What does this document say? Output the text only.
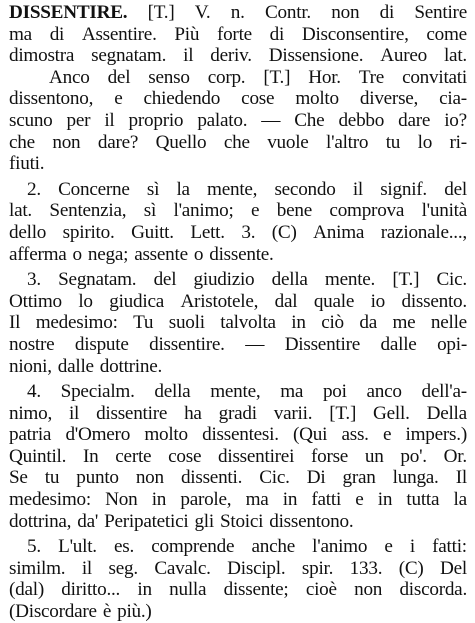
DISSENTIRE. [T.] V. n. Contr. non di Sentire
ma di Assentire. Più forte di Disconsentire, come
dimostra segnatam. il deriv. Dissensione. Aureo lat.
Anco del senso corp. [T.] Hor. Tre convitati
dissentono, e chiedendo cose molto diverse, cia-
scuno per il proprio palato. — Che debbo dare io?
che non dare? Quello che vuole l'altro tu lo ri-
fiuti.
2. Concerne sì la mente, secondo il signif. del
lat. Sentenzia, sì l'animo; e bene comprova l'unità
dello spirito. Guitt. Lett. 3. (C) Anima razionale...,
afferma o nega; assente o dissente.
3. Segnatam. del giudizio della mente. [T.] Cic.
Ottimo lo giudica Aristotele, dal quale io dissento.
Il medesimo: Tu suoli talvolta in ciò da me nelle
nostre dispute dissentire. — Dissentire dalle opi-
nioni, dalle dottrine.
4. Specialm. della mente, ma poi anco dell'a-
nimo, il dissentire ha gradi varii. [T.] Gell. Della
patria d'Omero molto dissentesi. (Qui ass. e impers.)
Quintil. In certe cose dissentirei forse un po'. Or.
Se tu punto non dissenti. Cic. Di gran lunga. Il
medesimo: Non in parole, ma in fatti e in tutta la
dottrina, da' Peripatetici gli Stoici dissentono.
5. L'ult. es. comprende anche l'animo e i fatti:
similm. il seg. Cavalc. Discipl. spir. 133. (C) Del
(dal) diritto... in nulla dissente; cioè non discorda.
(Discordare è più.)
